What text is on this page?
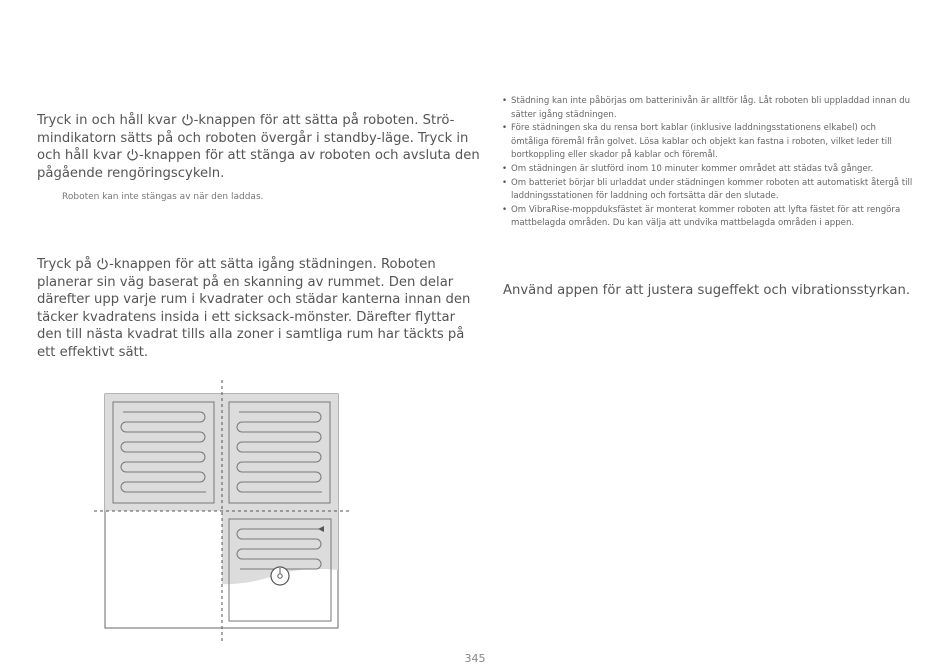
Tryck in och håll kvar -knappen för att sätta på roboten. Strö-
mindikatorn sätts på och roboten övergår i standby-läge. Tryck in
och håll kvar -knappen för att stänga av roboten och avsluta den
pågående rengöringscykeln.

Roboten kan inte stängas av när den laddas.

Tryck på -knappen för att sätta igång städningen. Roboten
planerar sin väg baserat på en skanning av rummet. Den delar
därefter upp varje rum i kvadrater och städar kanterna innan den
täcker kvadratens insida i ett sicksack-mönster. Därefter flyttar
den till nästa kvadrat tills alla zoner i samtliga rum har täckts på
ett effektivt sätt.

• Städning kan inte påbörjas om batterinivån är alltför låg. Låt roboten bli uppladdad innan du sätter igång städningen.
• Före städningen ska du rensa bort kablar (inklusive laddningsstationens elkabel) och ömtåliga föremål från golvet. Lösa kablar och objekt kan fastna i roboten, vilket leder till bortkoppling eller skador på kablar och föremål.
• Om städningen är slutförd inom 10 minuter kommer området att städas två gånger.
• Om batteriet börjar bli urladdat under städningen kommer roboten att automatiskt återgå till laddningsstationen för laddning och fortsätta där den slutade.
• Om VibraRise-moppduksfästet är monterat kommer roboten att lyfta fästet för att rengöra mattbelagda områden. Du kan välja att undvika mattbelagda områden i appen.

Använd appen för att justera sugeffekt och vibrationsstyrkan.

345
